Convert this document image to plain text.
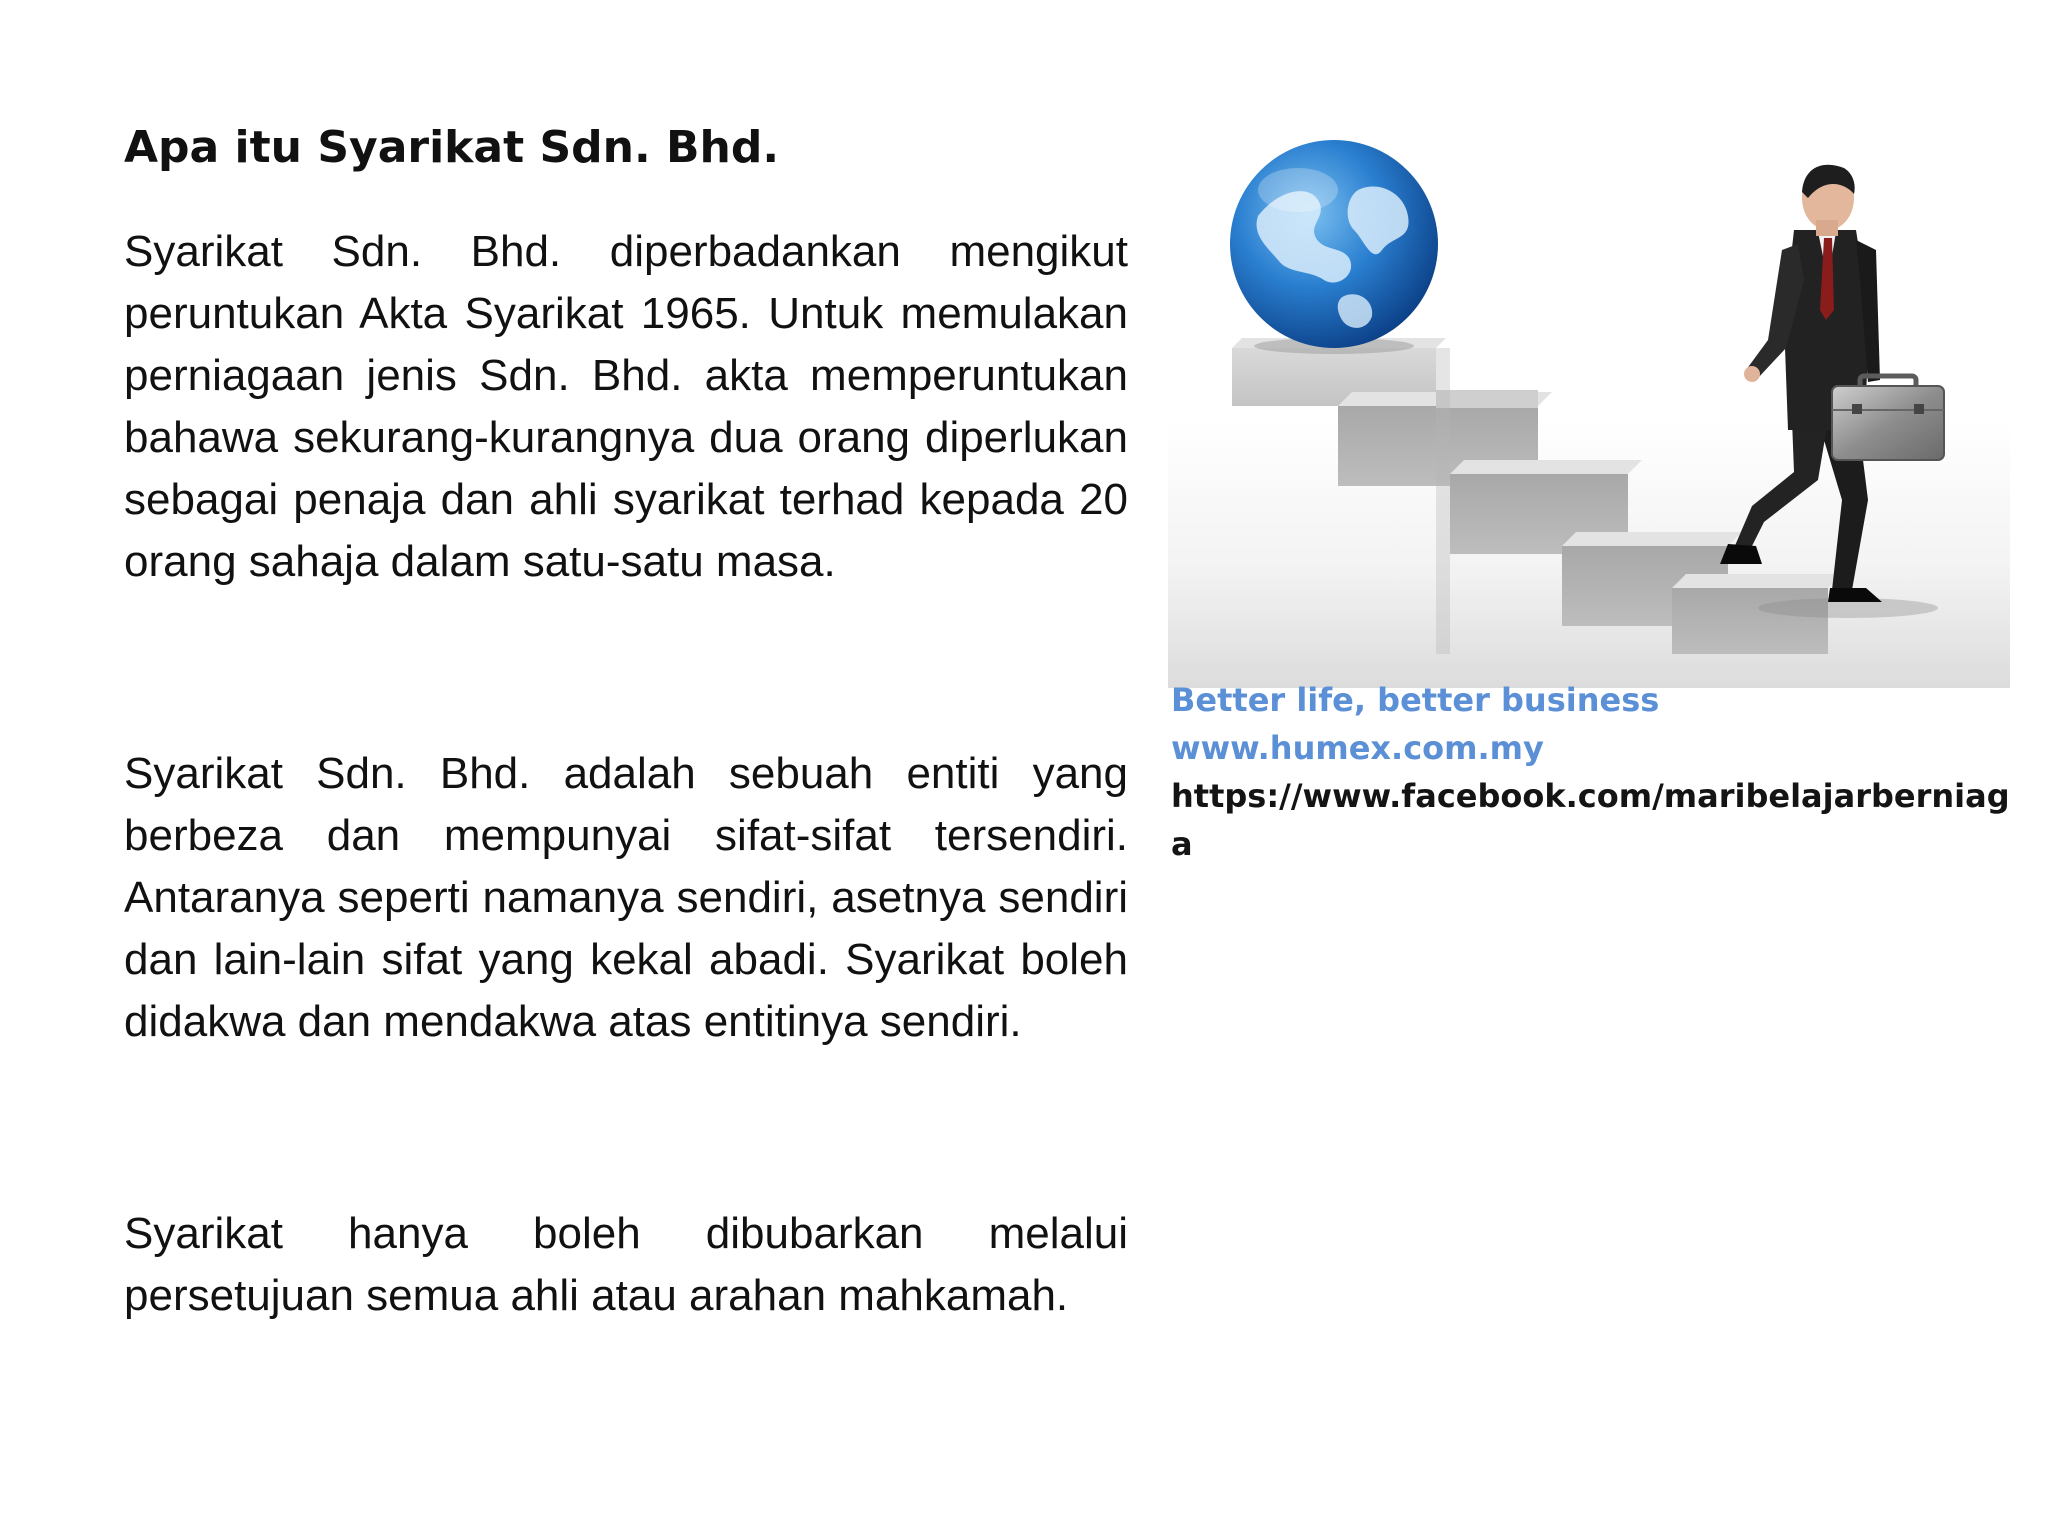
Apa itu Syarikat Sdn. Bhd.

Syarikat Sdn. Bhd. diperbadankan mengikut peruntukan Akta Syarikat 1965. Untuk memulakan perniagaan jenis Sdn. Bhd. akta memperuntukan bahawa sekurang-kurangnya dua orang diperlukan sebagai penaja dan ahli syarikat terhad kepada 20 orang sahaja dalam satu-satu masa.

Syarikat Sdn. Bhd. adalah sebuah entiti yang berbeza dan mempunyai sifat-sifat tersendiri. Antaranya seperti namanya sendiri, asetnya sendiri dan lain-lain sifat yang kekal abadi. Syarikat boleh didakwa dan mendakwa atas entitinya sendiri.

Syarikat hanya boleh dibubarkan melalui persetujuan semua ahli atau arahan mahkamah.

Better life, better business
www.humex.com.my
https://www.facebook.com/maribelajarberniaga
